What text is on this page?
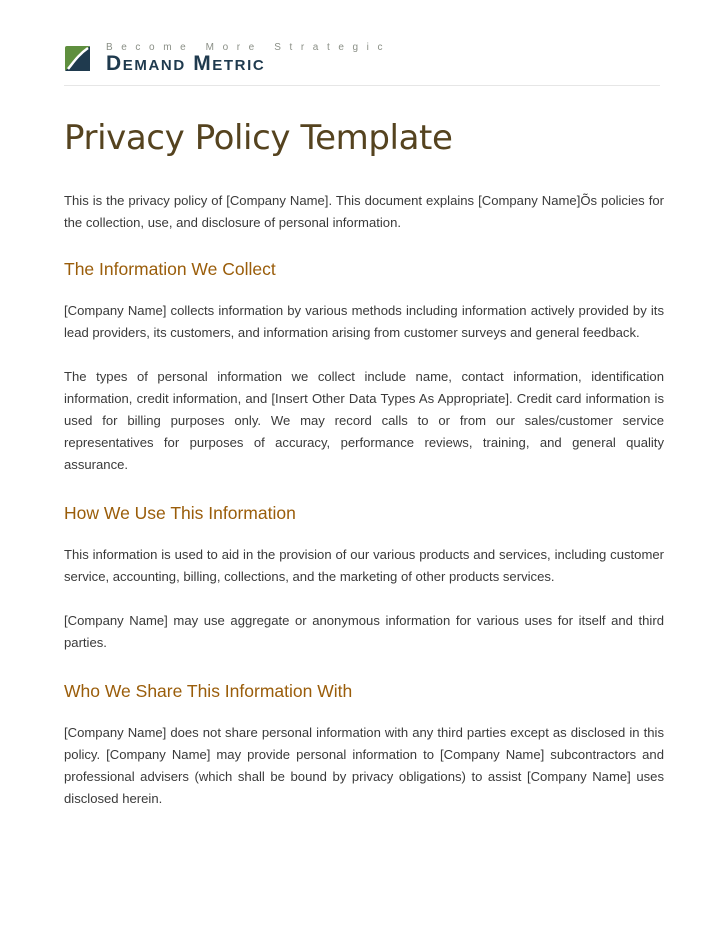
Become More Strategic
Demand Metric
Privacy Policy Template

This is the privacy policy of [Company Name]. This document explains [Company Name]Õs policies for the collection, use, and disclosure of personal information.

The Information We Collect

[Company Name] collects information by various methods including information actively provided by its lead providers, its customers, and information arising from customer surveys and general feedback.

The types of personal information we collect include name, contact information, identification information, credit information, and [Insert Other Data Types As Appropriate]. Credit card information is used for billing purposes only. We may record calls to or from our sales/customer service representatives for purposes of accuracy, performance reviews, training, and general quality assurance.

How We Use This Information

This information is used to aid in the provision of our various products and services, including customer service, accounting, billing, collections, and the marketing of other products services.

[Company Name] may use aggregate or anonymous information for various uses for itself and third parties.

Who We Share This Information With

[Company Name] does not share personal information with any third parties except as disclosed in this policy. [Company Name] may provide personal information to [Company Name] subcontractors and professional advisers (which shall be bound by privacy obligations) to assist [Company Name] uses disclosed herein.
